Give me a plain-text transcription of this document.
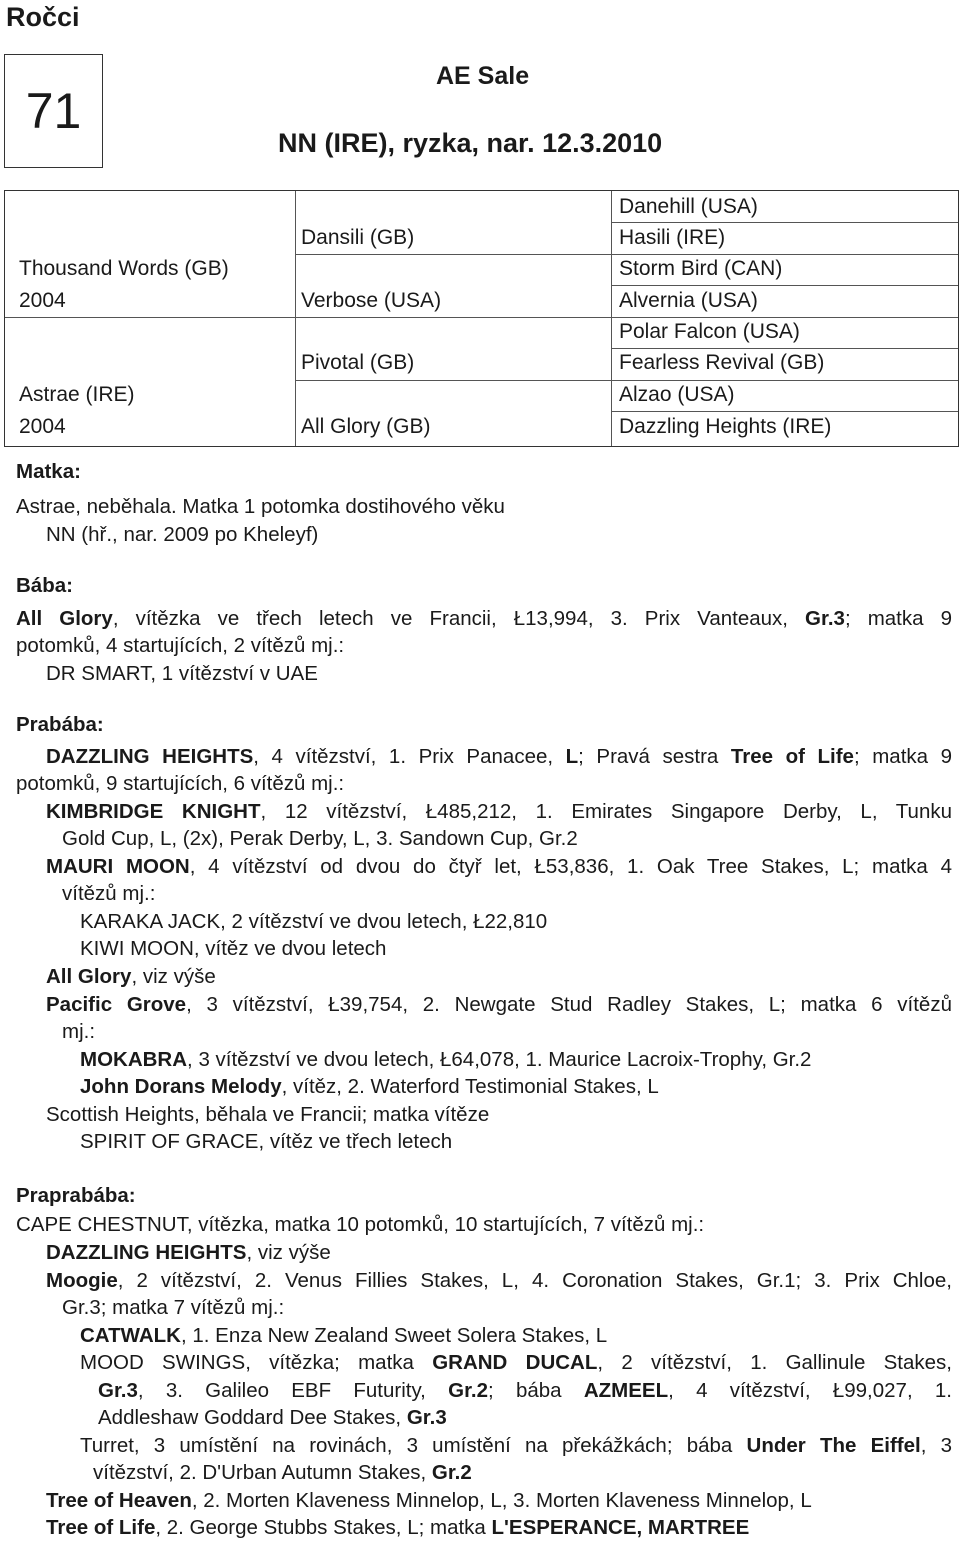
Ročci
71
AE Sale
NN (IRE), ryzka, nar. 12.3.2010
Thousand Words (GB)
2004
Astrae (IRE)
2004
Dansili (GB)
Verbose (USA)
Pivotal (GB)
All Glory (GB)
Danehill (USA)
Hasili (IRE)
Storm Bird (CAN)
Alvernia (USA)
Polar Falcon (USA)
Fearless Revival (GB)
Alzao (USA)
Dazzling Heights (IRE)
Matka:
Astrae, neběhala. Matka 1 potomka dostihového věku
NN (hř., nar. 2009 po Kheleyf)
Bába:
All Glory, vítězka ve třech letech ve Francii, Ł13,994, 3. Prix Vanteaux, Gr.3; matka 9
potomků, 4 startujících, 2 vítězů mj.:
DR SMART, 1 vítězství v UAE
Prabába:
DAZZLING HEIGHTS, 4 vítězství, 1. Prix Panacee, L; Pravá sestra Tree of Life; matka 9
potomků, 9 startujících, 6 vítězů mj.:
KIMBRIDGE KNIGHT, 12 vítězství, Ł485,212, 1. Emirates Singapore Derby, L, Tunku
Gold Cup, L, (2x), Perak Derby, L, 3. Sandown Cup, Gr.2
MAURI MOON, 4 vítězství od dvou do čtyř let, Ł53,836, 1. Oak Tree Stakes, L; matka 4
vítězů mj.:
KARAKA JACK, 2 vítězství ve dvou letech, Ł22,810
KIWI MOON, vítěz ve dvou letech
All Glory, viz výše
Pacific Grove, 3 vítězství, Ł39,754, 2. Newgate Stud Radley Stakes, L; matka 6 vítězů
mj.:
MOKABRA, 3 vítězství ve dvou letech, Ł64,078, 1. Maurice Lacroix-Trophy, Gr.2
John Dorans Melody, vítěz, 2. Waterford Testimonial Stakes, L
Scottish Heights, běhala ve Francii; matka vítěze
SPIRIT OF GRACE, vítěz ve třech letech
Praprabába:
CAPE CHESTNUT, vítězka, matka 10 potomků, 10 startujících, 7 vítězů mj.:
DAZZLING HEIGHTS, viz výše
Moogie, 2 vítězství, 2. Venus Fillies Stakes, L, 4. Coronation Stakes, Gr.1; 3. Prix Chloe,
Gr.3; matka 7 vítězů mj.:
CATWALK, 1. Enza New Zealand Sweet Solera Stakes, L
MOOD SWINGS, vítězka; matka GRAND DUCAL, 2 vítězství, 1. Gallinule Stakes,
Gr.3, 3. Galileo EBF Futurity, Gr.2; bába AZMEEL, 4 vítězství, Ł99,027, 1.
Addleshaw Goddard Dee Stakes, Gr.3
Turret, 3 umístění na rovinách, 3 umístění na překážkách; bába Under The Eiffel, 3
vítězství, 2. D'Urban Autumn Stakes, Gr.2
Tree of Heaven, 2. Morten Klaveness Minnelop, L, 3. Morten Klaveness Minnelop, L
Tree of Life, 2. George Stubbs Stakes, L; matka L'ESPERANCE, MARTREE
